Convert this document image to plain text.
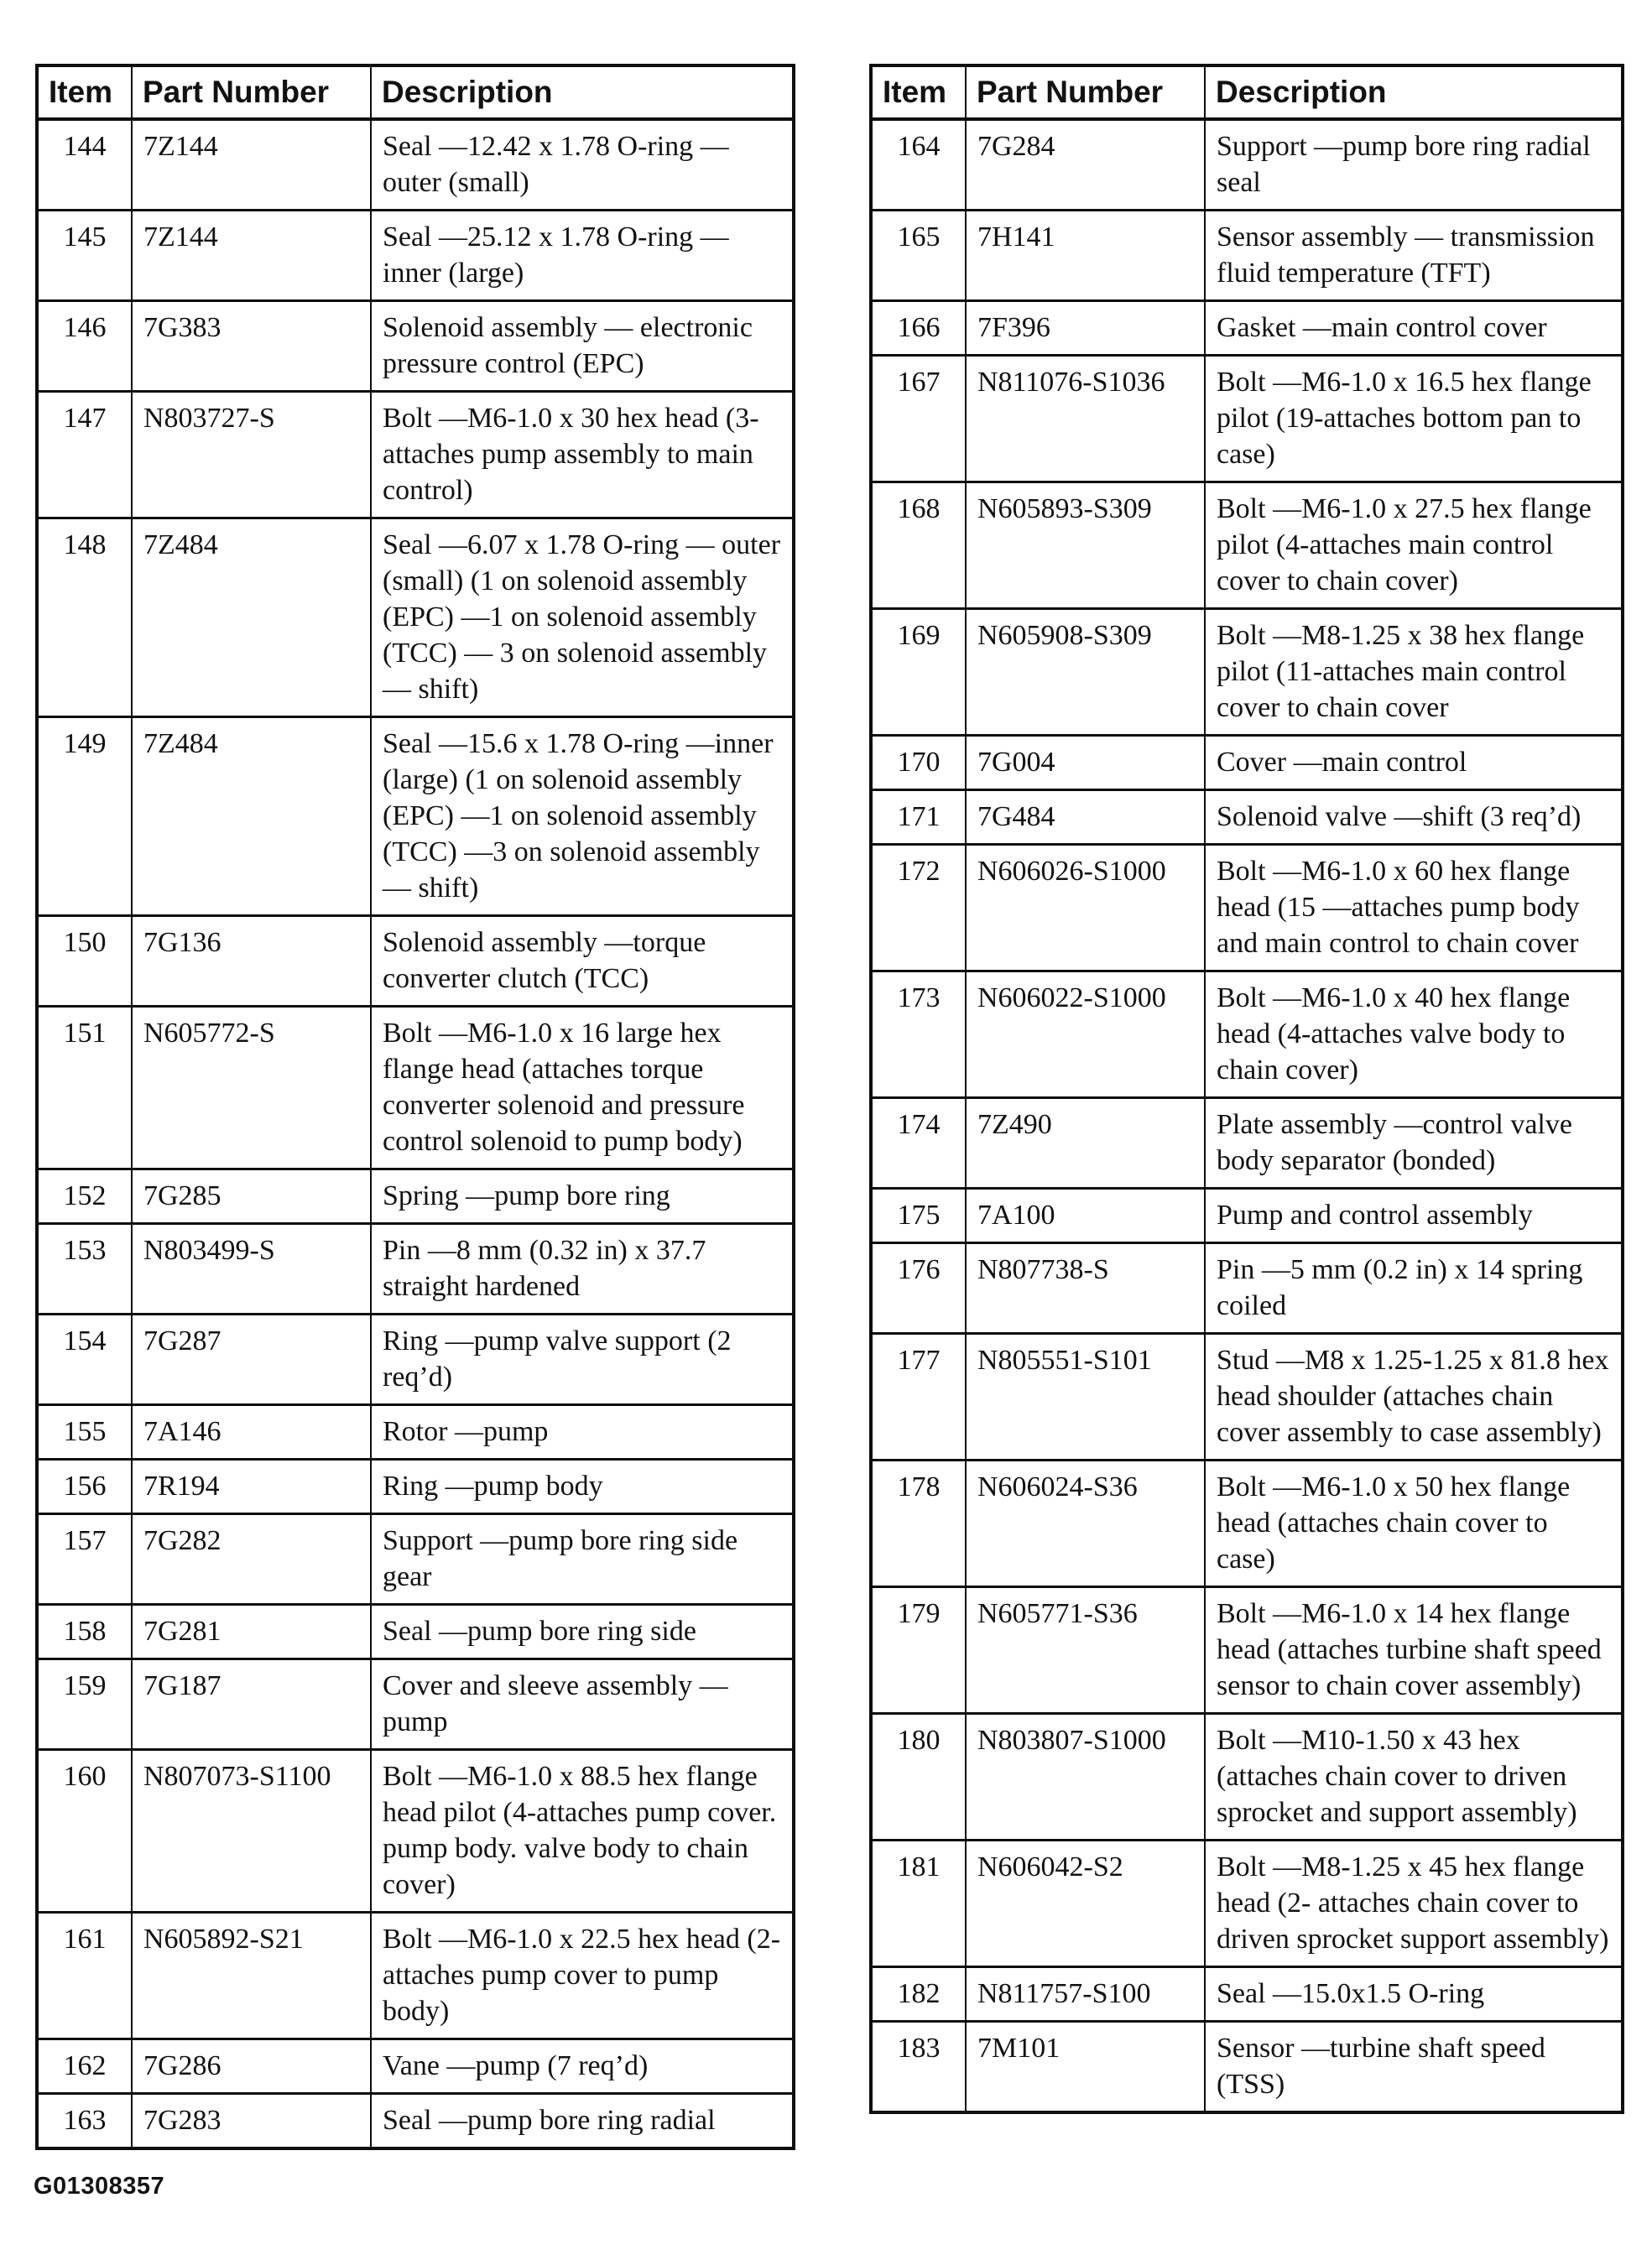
Item	Part Number	Description
144	7Z144	Seal —12.42 x 1.78 O-ring —outer (small)
145	7Z144	Seal —25.12 x 1.78 O-ring —inner (large)
146	7G383	Solenoid assembly — electronic pressure control (EPC)
147	N803727-S	Bolt —M6-1.0 x 30 hex head (3-attaches pump assembly to main control)
148	7Z484	Seal —6.07 x 1.78 O-ring — outer (small) (1 on solenoid assembly (EPC) —1 on solenoid assembly (TCC) — 3 on solenoid assembly — shift)
149	7Z484	Seal —15.6 x 1.78 O-ring —inner (large) (1 on solenoid assembly (EPC) —1 on solenoid assembly (TCC) —3 on solenoid assembly — shift)
150	7G136	Solenoid assembly —torque converter clutch (TCC)
151	N605772-S	Bolt —M6-1.0 x 16 large hex flange head (attaches torque converter solenoid and pressure control solenoid to pump body)
152	7G285	Spring —pump bore ring
153	N803499-S	Pin —8 mm (0.32 in) x 37.7 straight hardened
154	7G287	Ring —pump valve support (2 req’d)
155	7A146	Rotor —pump
156	7R194	Ring —pump body
157	7G282	Support —pump bore ring side gear
158	7G281	Seal —pump bore ring side
159	7G187	Cover and sleeve assembly — pump
160	N807073-S1100	Bolt —M6-1.0 x 88.5 hex flange head pilot (4-attaches pump cover. pump body. valve body to chain cover)
161	N605892-S21	Bolt —M6-1.0 x 22.5 hex head (2-attaches pump cover to pump body)
162	7G286	Vane —pump (7 req’d)
163	7G283	Seal —pump bore ring radial
Item	Part Number	Description
164	7G284	Support —pump bore ring radial seal
165	7H141	Sensor assembly — transmission fluid temperature (TFT)
166	7F396	Gasket —main control cover
167	N811076-S1036	Bolt —M6-1.0 x 16.5 hex flange pilot (19-attaches bottom pan to case)
168	N605893-S309	Bolt —M6-1.0 x 27.5 hex flange pilot (4-attaches main control cover to chain cover)
169	N605908-S309	Bolt —M8-1.25 x 38 hex flange pilot (11-attaches main control cover to chain cover
170	7G004	Cover —main control
171	7G484	Solenoid valve —shift (3 req’d)
172	N606026-S1000	Bolt —M6-1.0 x 60 hex flange head (15 —attaches pump body and main control to chain cover
173	N606022-S1000	Bolt —M6-1.0 x 40 hex flange head (4-attaches valve body to chain cover)
174	7Z490	Plate assembly —control valve body separator (bonded)
175	7A100	Pump and control assembly
176	N807738-S	Pin —5 mm (0.2 in) x 14 spring coiled
177	N805551-S101	Stud —M8 x 1.25-1.25 x 81.8 hex head shoulder (attaches chain cover assembly to case assembly)
178	N606024-S36	Bolt —M6-1.0 x 50 hex flange head (attaches chain cover to case)
179	N605771-S36	Bolt —M6-1.0 x 14 hex flange head (attaches turbine shaft speed sensor to chain cover assembly)
180	N803807-S1000	Bolt —M10-1.50 x 43 hex (attaches chain cover to driven sprocket and support assembly)
181	N606042-S2	Bolt —M8-1.25 x 45 hex flange head (2- attaches chain cover to driven sprocket support assembly)
182	N811757-S100	Seal —15.0x1.5 O-ring
183	7M101	Sensor —turbine shaft speed (TSS)
G01308357
